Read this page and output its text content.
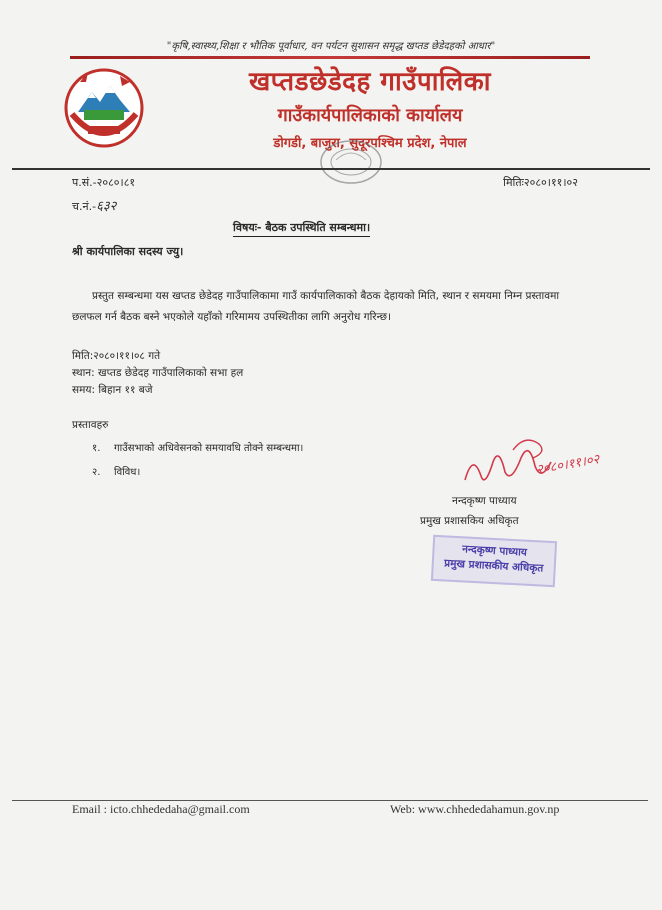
"कृषि,स्वास्थ्य,शिक्षा र भौतिक पूर्वाधार, वन पर्यटन सुशासन समृद्ध खप्तड छेडेदहको आधार"
खप्तडछेडेदह गाउँपालिका
गाउँकार्यपालिकाको कार्यालय
डोगडी, बाजुरा, सुदूरपश्चिम प्रदेश, नेपाल
प.सं.-२०८०।८१	मितिः२०८०।११।०२
च.नं.-६३२
विषयः- बैठक उपस्थिति सम्बन्धमा।
श्री कार्यपालिका सदस्य ज्यु।
प्रस्तुत सम्बन्धमा यस खप्तड छेडेदह गाउँपालिकामा गाउँ कार्यपालिकाको बैठक देहायको मिति, स्थान र समयमा निम्न प्रस्तावमा छलफल गर्न बैठक बस्ने भएकोले यहाँको गरिमामय उपस्थितीका लागि अनुरोध गरिन्छ।
मिति:२०८०।११।०८ गते
स्थान: खप्तड छेडेदह गाउँपालिकाको सभा हल
समय: बिहान ११ बजे
प्रस्तावहरु
१. गाउँसभाको अधिवेसनको समयावधि तोक्ने सम्बन्धमा।
२. विविध।	२०८०।११।०२
नन्दकृष्ण पाध्याय
प्रमुख प्रशासकिय अधिकृत
नन्दकृष्ण पाध्याय
प्रमुख प्रशासकीय अधिकृत
Email : icto.chhededaha@gmail.com	Web: www.chhededahamun.gov.np
